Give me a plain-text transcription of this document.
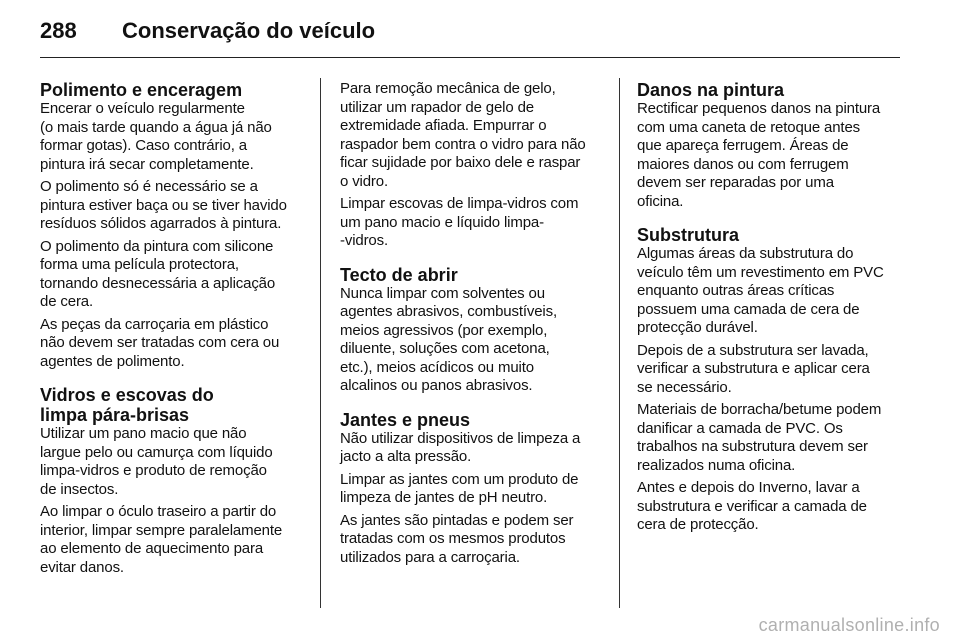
288	Conservação do veículo
Polimento e enceragem

Encerar o veículo regularmente
(o mais tarde quando a água já não
formar gotas). Caso contrário, a
pintura irá secar completamente.

O polimento só é necessário se a
pintura estiver baça ou se tiver havido
resíduos sólidos agarrados à pintura.

O polimento da pintura com silicone
forma uma película protectora,
tornando desnecessária a aplicação
de cera.

As peças da carroçaria em plástico
não devem ser tratadas com cera ou
agentes de polimento.

Vidros e escovas do
limpa pára-brisas

Utilizar um pano macio que não
largue pelo ou camurça com líquido
limpa-vidros e produto de remoção
de insectos.

Ao limpar o óculo traseiro a partir do
interior, limpar sempre paralelamente
ao elemento de aquecimento para
evitar danos.

Para remoção mecânica de gelo,
utilizar um rapador de gelo de
extremidade afiada. Empurrar o
raspador bem contra o vidro para não
ficar sujidade por baixo dele e raspar
o vidro.

Limpar escovas de limpa-vidros com
um pano macio e líquido limpa-
-vidros.

Tecto de abrir

Nunca limpar com solventes ou
agentes abrasivos, combustíveis,
meios agressivos (por exemplo,
diluente, soluções com acetona,
etc.), meios acídicos ou muito
alcalinos ou panos abrasivos.

Jantes e pneus

Não utilizar dispositivos de limpeza a
jacto a alta pressão.

Limpar as jantes com um produto de
limpeza de jantes de pH neutro.

As jantes são pintadas e podem ser
tratadas com os mesmos produtos
utilizados para a carroçaria.

Danos na pintura

Rectificar pequenos danos na pintura
com uma caneta de retoque antes
que apareça ferrugem. Áreas de
maiores danos ou com ferrugem
devem ser reparadas por uma
oficina.

Substrutura

Algumas áreas da substrutura do
veículo têm um revestimento em PVC
enquanto outras áreas críticas
possuem uma camada de cera de
protecção durável.

Depois de a substrutura ser lavada,
verificar a substrutura e aplicar cera
se necessário.

Materiais de borracha/betume podem
danificar a camada de PVC. Os
trabalhos na substrutura devem ser
realizados numa oficina.

Antes e depois do Inverno, lavar a
substrutura e verificar a camada de
cera de protecção.

carmanualsonline.info
